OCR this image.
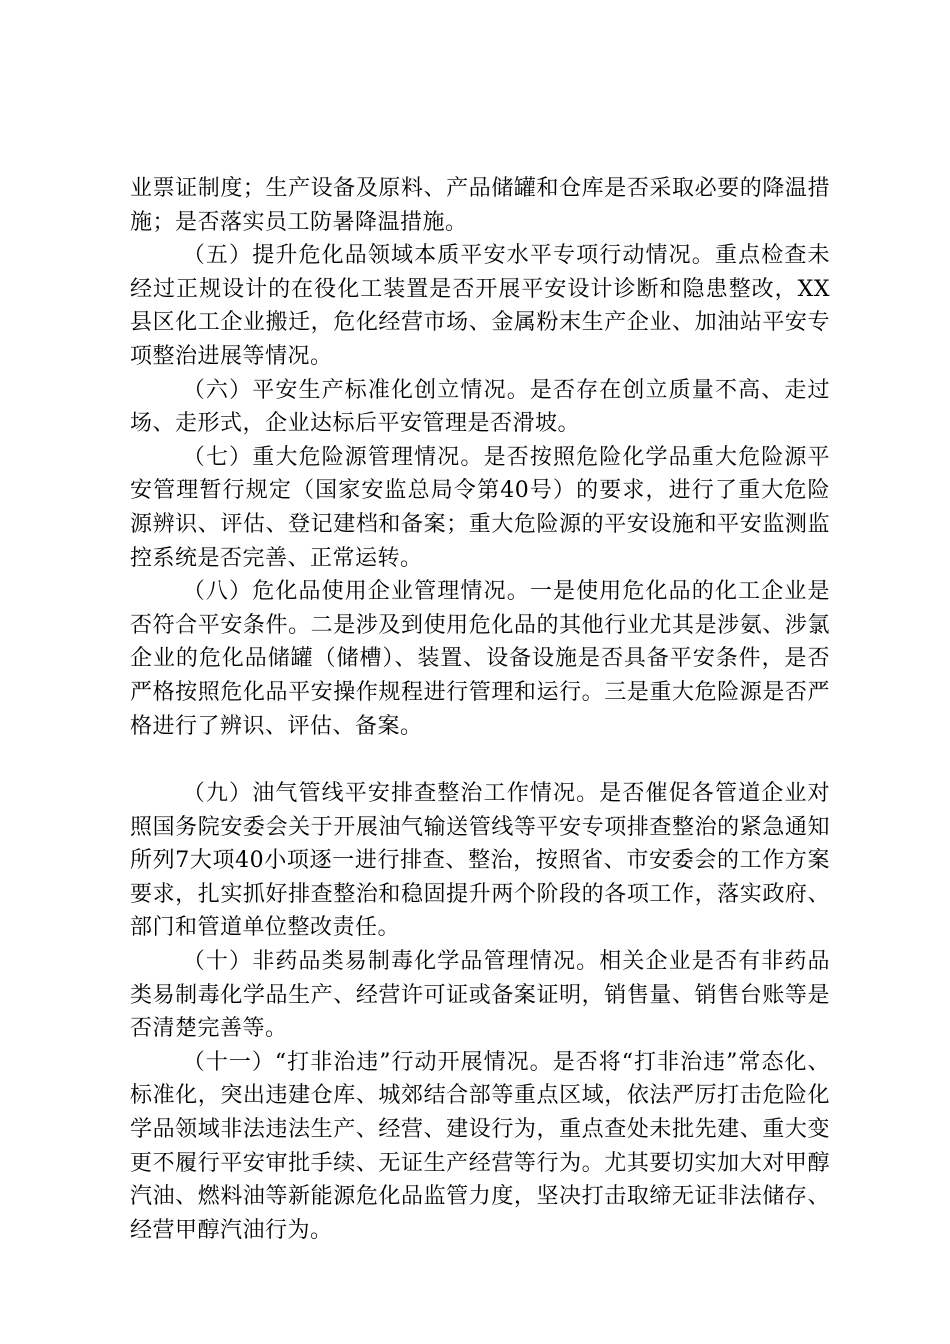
业票证制度；生产设备及原料、产品储罐和仓库是否采取必要的降温措施；是否落实员工防暑降温措施。

（五）提升危化品领域本质平安水平专项行动情况。重点检查未经过正规设计的在役化工装置是否开展平安设计诊断和隐患整改，XX县区化工企业搬迁，危化经营市场、金属粉末生产企业、加油站平安专项整治进展等情况。

（六）平安生产标准化创立情况。是否存在创立质量不高、走过场、走形式，企业达标后平安管理是否滑坡。

（七）重大危险源管理情况。是否按照危险化学品重大危险源平安管理暂行规定（国家安监总局令第40号）的要求，进行了重大危险源辨识、评估、登记建档和备案；重大危险源的平安设施和平安监测监控系统是否完善、正常运转。

（八）危化品使用企业管理情况。一是使用危化品的化工企业是否符合平安条件。二是涉及到使用危化品的其他行业尤其是涉氨、涉氯企业的危化品储罐（储槽）、装置、设备设施是否具备平安条件，是否严格按照危化品平安操作规程进行管理和运行。三是重大危险源是否严格进行了辨识、评估、备案。

（九）油气管线平安排查整治工作情况。是否催促各管道企业对照国务院安委会关于开展油气输送管线等平安专项排查整治的紧急通知所列7大项40小项逐一进行排查、整治，按照省、市安委会的工作方案要求，扎实抓好排查整治和稳固提升两个阶段的各项工作，落实政府、部门和管道单位整改责任。

（十）非药品类易制毒化学品管理情况。相关企业是否有非药品类易制毒化学品生产、经营许可证或备案证明，销售量、销售台账等是否清楚完善等。

（十一）“打非治违”行动开展情况。是否将“打非治违”常态化、标准化，突出违建仓库、城郊结合部等重点区域，依法严厉打击危险化学品领域非法违法生产、经营、建设行为，重点查处未批先建、重大变更不履行平安审批手续、无证生产经营等行为。尤其要切实加大对甲醇汽油、燃料油等新能源危化品监管力度，坚决打击取缔无证非法储存、经营甲醇汽油行为。
